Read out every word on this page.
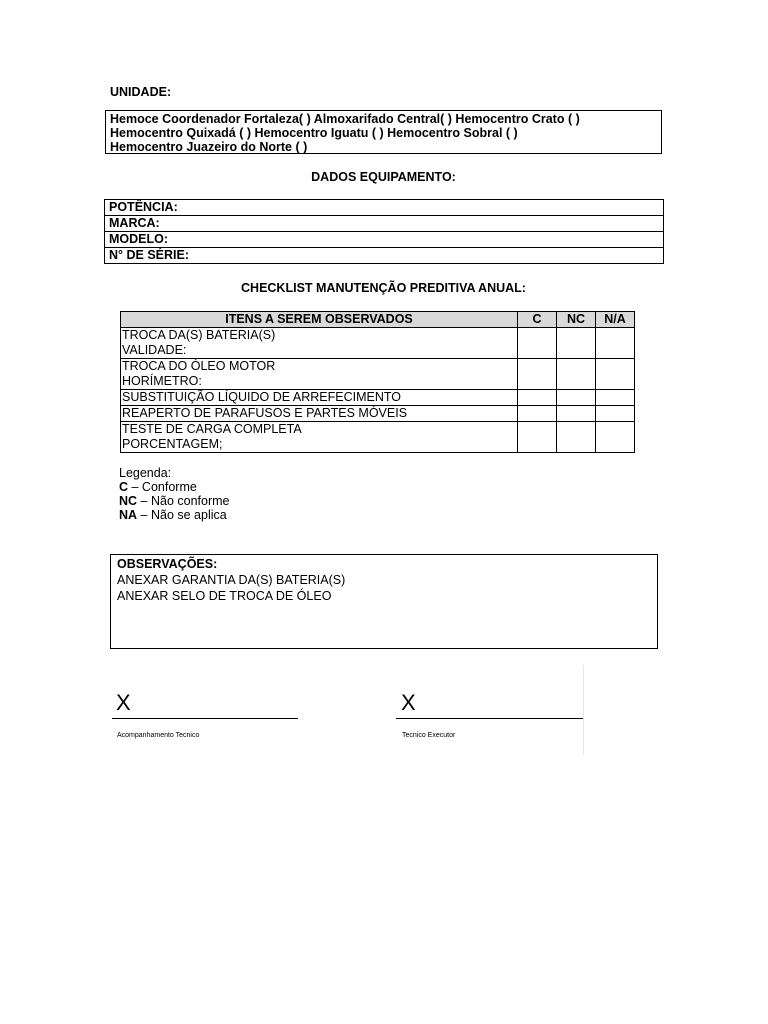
UNIDADE:
Hemoce Coordenador Fortaleza( ) Almoxarifado Central( ) Hemocentro Crato ( )
Hemocentro Quixadá ( ) Hemocentro Iguatu ( ) Hemocentro Sobral ( )
Hemocentro Juazeiro do Norte ( )
DADOS EQUIPAMENTO:
POTÊNCIA:
MARCA:
MODELO:
N° DE SÉRIE:
CHECKLIST MANUTENÇÃO PREDITIVA ANUAL:
ITENS A SEREM OBSERVADOS	C	NC	N/A

TROCA DA(S) BATERIA(S)
VALIDADE:			

TROCA DO ÓLEO MOTOR
HORÍMETRO:			

SUBSTITUIÇÃO LÍQUIDO DE ARREFECIMENTO			

REAPERTO DE PARAFUSOS E PARTES MÓVEIS			

TESTE DE CARGA COMPLETA
PORCENTAGEM;			

Legenda:
C – Conforme
NC – Não conforme
NA – Não se aplica
OBSERVAÇÕES:
ANEXAR GARANTIA DA(S) BATERIA(S)
ANEXAR SELO DE TROCA DE ÓLEO
X
Acompanhamento Tecnico
X
Tecnico Executor
